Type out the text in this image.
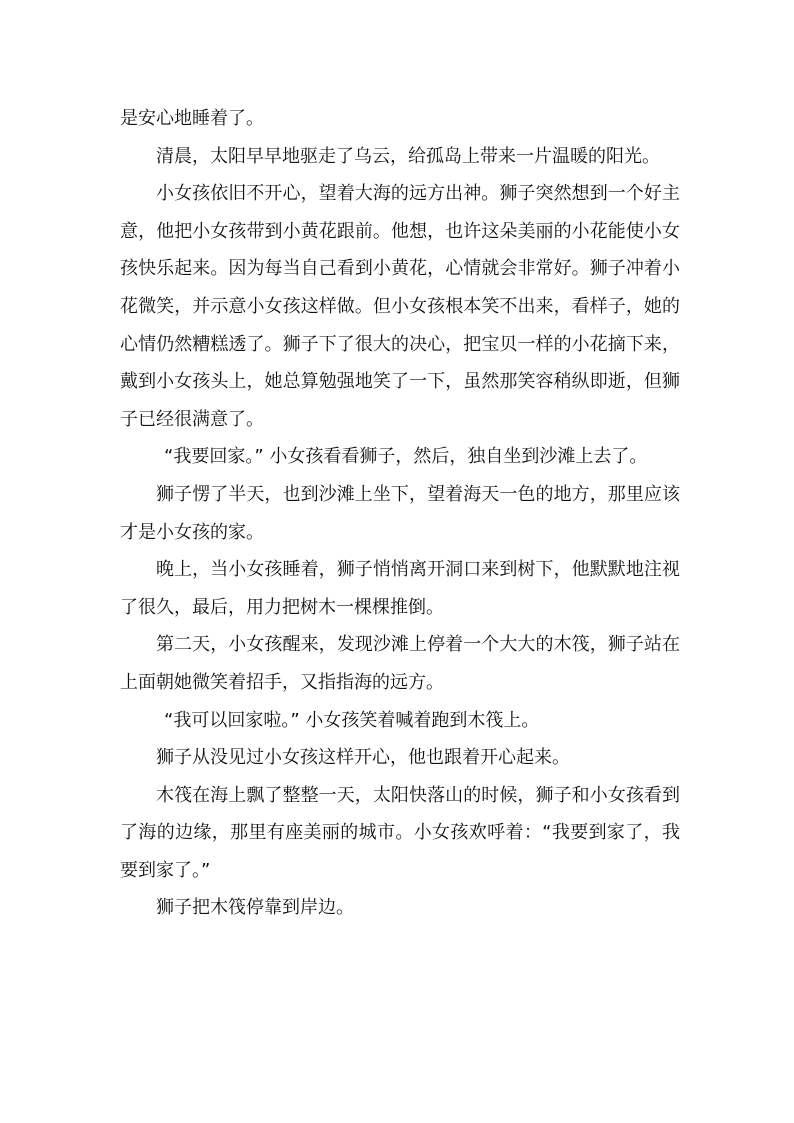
是安心地睡着了。

清晨，太阳早早地驱走了乌云，给孤岛上带来一片温暖的阳光。

小女孩依旧不开心，望着大海的远方出神。狮子突然想到一个好主意，他把小女孩带到小黄花跟前。他想，也许这朵美丽的小花能使小女孩快乐起来。因为每当自己看到小黄花，心情就会非常好。狮子冲着小花微笑，并示意小女孩这样做。但小女孩根本笑不出来，看样子，她的心情仍然糟糕透了。狮子下了很大的决心，把宝贝一样的小花摘下来，戴到小女孩头上，她总算勉强地笑了一下，虽然那笑容稍纵即逝，但狮子已经很满意了。

“我要回家。” 小女孩看看狮子，然后，独自坐到沙滩上去了。

狮子愣了半天，也到沙滩上坐下，望着海天一色的地方，那里应该才是小女孩的家。

晚上，当小女孩睡着，狮子悄悄离开洞口来到树下，他默默地注视了很久，最后，用力把树木一棵棵推倒。

第二天，小女孩醒来，发现沙滩上停着一个大大的木筏，狮子站在上面朝她微笑着招手，又指指海的远方。

“我可以回家啦。” 小女孩笑着喊着跑到木筏上。

狮子从没见过小女孩这样开心，他也跟着开心起来。

木筏在海上飘了整整一天，太阳快落山的时候，狮子和小女孩看到了海的边缘，那里有座美丽的城市。小女孩欢呼着：“我要到家了，我要到家了。”

狮子把木筏停靠到岸边。
